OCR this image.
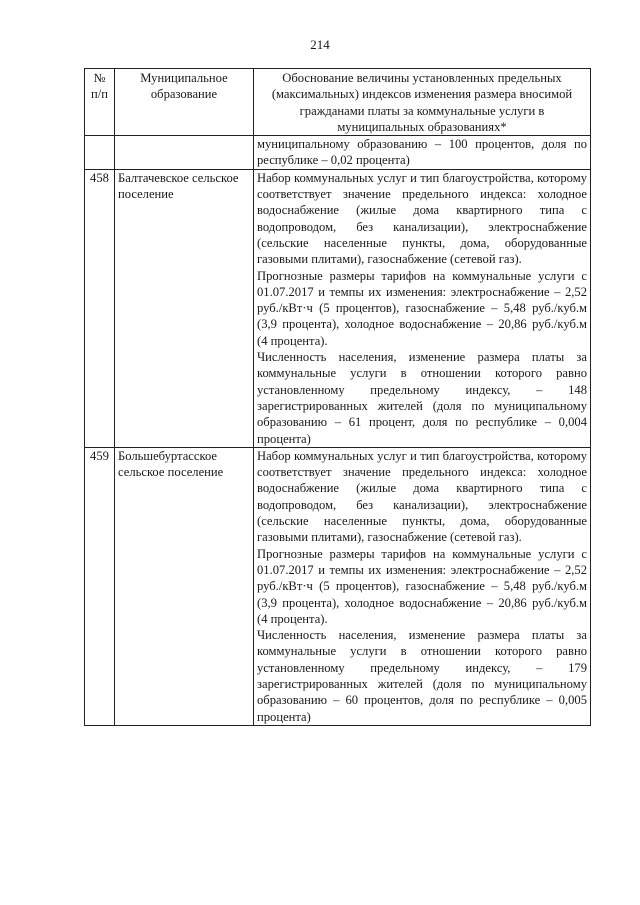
214
№ п/п	Муниципальное образование	Обоснование величины установленных предельных (максимальных) индексов изменения размера вносимой гражданами платы за коммунальные услуги в муниципальных образованиях*

		муниципальному образованию – 100 процентов, доля по республике – 0,02 процента)

458	Балтачевское сельское поселение	Набор коммунальных услуг и тип благоустройства, которому соответствует значение предельного индекса: холодное водоснабжение (жилые дома квартирного типа с водопроводом, без канализации), электроснабжение (сельские населенные пункты, дома, оборудованные газовыми плитами), газоснабжение (сетевой газ).

Прогнозные размеры тарифов на коммунальные услуги с 01.07.2017 и темпы их изменения: электроснабжение – 2,52 руб./кВт·ч (5 процентов), газоснабжение – 5,48 руб./куб.м (3,9 процента), холодное водоснабжение – 20,86 руб./куб.м (4 процента).

Численность населения, изменение размера платы за коммунальные услуги в отношении которого равно установленному предельному индексу, – 148 зарегистрированных жителей (доля по муниципальному образованию – 61 процент, доля по республике – 0,004 процента)

459	Большебуртасское сельское поселение	Набор коммунальных услуг и тип благоустройства, которому соответствует значение предельного индекса: холодное водоснабжение (жилые дома квартирного типа с водопроводом, без канализации), электроснабжение (сельские населенные пункты, дома, оборудованные газовыми плитами), газоснабжение (сетевой газ).

Прогнозные размеры тарифов на коммунальные услуги с 01.07.2017 и темпы их изменения: электроснабжение – 2,52 руб./кВт·ч (5 процентов), газоснабжение – 5,48 руб./куб.м (3,9 процента), холодное водоснабжение – 20,86 руб./куб.м (4 процента).

Численность населения, изменение размера платы за коммунальные услуги в отношении которого равно установленному предельному индексу, – 179 зарегистрированных жителей (доля по муниципальному образованию – 60 процентов, доля по республике – 0,005 процента)
